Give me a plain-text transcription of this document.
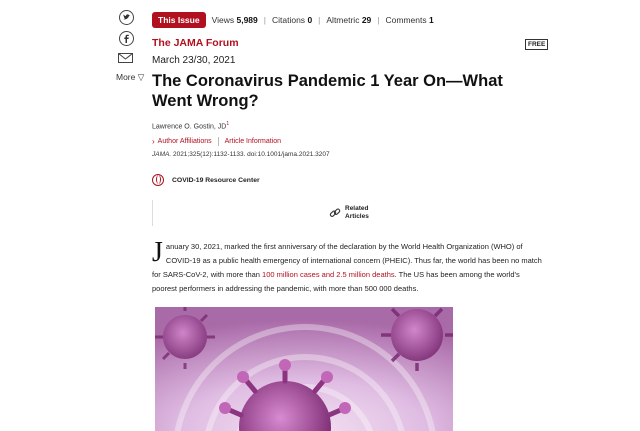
More ▽
This Issue	Views 5,989 | Citations 0 | Altmetric 29 | Comments 1
The JAMA Forum	FREE
March 23/30, 2021
The Coronavirus Pandemic 1 Year On—What Went Wrong?
Lawrence O. Gostin, $JD^1$
› Author Affiliations Article Information
JAMA. 2021;325(12):1132-1133. doi:10.1001/jama.2021.3207
COVID-19 Resource Center
Related
Articles
January 30, 2021, marked the first anniversary of the declaration by the World Health Organization (WHO) of COVID-19 as a public health emergency of international concern (PHEIC). Thus far, the world has been no match for SARS-CoV-2, with more than 100 million cases and 2.5 million deaths. The US has been among the world's poorest performers in addressing the pandemic, with more than 500 000 deaths.
